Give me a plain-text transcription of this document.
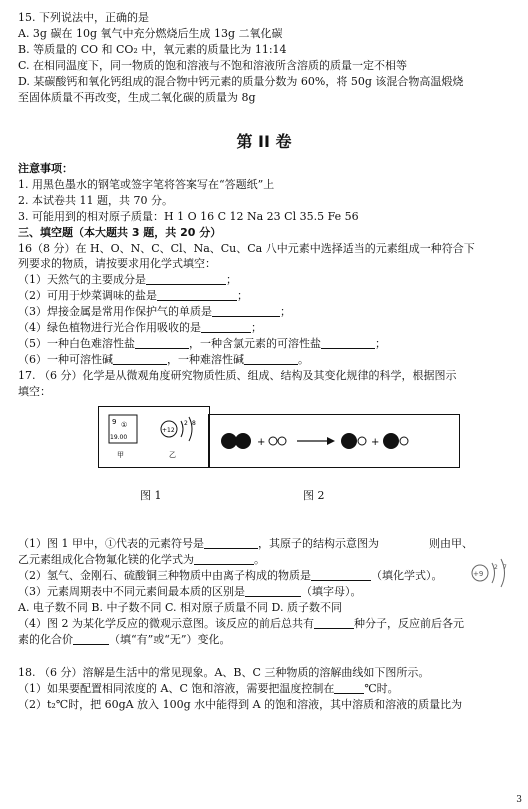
15. 下列说法中，正确的是
A. 3g 碳在 10g 氧气中充分燃烧后生成 13g 二氧化碳
B. 等质量的 CO 和 CO₂ 中，氧元素的质量比为 11:14
C. 在相同温度下，同一物质的饱和溶液与不饱和溶液所含溶质的质量一定不相等
D. 某碳酸钙和氧化钙组成的混合物中钙元素的质量分数为 60%，将 50g 该混合物高温煅烧
至固体质量不再改变，生成二氧化碳的质量为 8g
第 II 卷
注意事项：
1. 用黑色墨水的钢笔或签字笔将答案写在“答题纸”上
2. 本试卷共 11 题，共 70 分。
3. 可能用到的相对原子质量：H 1 O 16 C 12 Na 23 Cl 35.5 Fe 56
三、填空题（本大题共 3 题，共 20 分）
16（8 分）在 H、O、N、C、Cl、Na、Cu、Ca 八中元素中选择适当的元素组成一种符合下
列要求的物质，请按要求用化学式填空：
（1）天然气的主要成分是	；
（2）可用于炒菜调味的盐是	；
（3）焊接金属是常用作保护气的单质是	；
（4）绿色植物进行光合作用吸收的是	；
（5）一种白色难溶性盐	，一种含氯元素的可溶性盐	；
（6）一种可溶性碱	，一种难溶性碱	。
17. （6 分）化学是从微观角度研究物质性质、组成、结构及其变化规律的科学，根据图示
填空：
9 ①
19.00
+12
2 8
甲	乙
+	+
图 1	图 2
（1）图 1 甲中，①代表的元素符号是	，其原子的结构示意图为	则由甲、
乙元素组成化合物氟化镁的化学式为	。
（2）氢气、金刚石、硫酸铜三种物质中由离子构成的物质是	（填化学式）。
（3）元素周期表中不同元素间最本质的区别是	（填字母）。
A. 电子数不同 B. 中子数不同 C. 相对原子质量不同 D. 质子数不同
（4）图 2 为某化学反应的微观示意图。该反应的前后总共有	种分子，反应前后各元
素的化合价	（填“有”或“无”）变化。
18. （6 分）溶解是生活中的常见现象。A、B、C 三种物质的溶解曲线如下图所示。
（1）如果要配置相同浓度的 A、C 饱和溶液，需要把温度控制在	℃时。
（2）t₂℃时，把 60gA 放入 100g 水中能得到 A 的饱和溶液，其中溶质和溶液的质量比为
+9
2 7
3
